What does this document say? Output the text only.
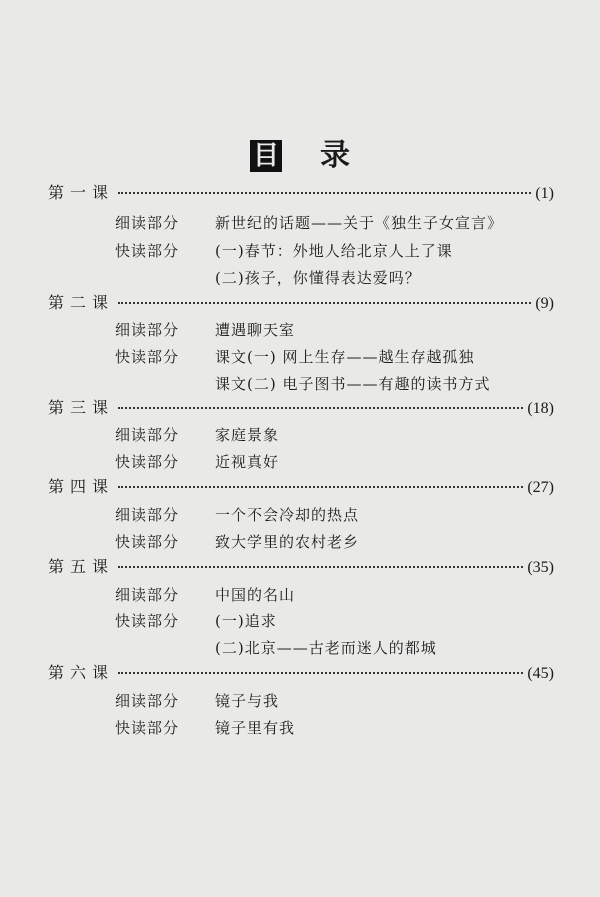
目 录
第一课	(1)
细读部分 新世纪的话题——关于《独生子女宣言》
快读部分 (一)春节：外地人给北京人上了课
(二)孩子，你懂得表达爱吗？
第二课	(9)
细读部分 遭遇聊天室
快读部分 课文(一) 网上生存——越生存越孤独
课文(二) 电子图书——有趣的读书方式
第三课	(18)
细读部分 家庭景象
快读部分 近视真好
第四课	(27)
细读部分 一个不会冷却的热点
快读部分 致大学里的农村老乡
第五课	(35)
细读部分 中国的名山
快读部分 (一)追求
(二)北京——古老而迷人的都城
第六课	(45)
细读部分 镜子与我
快读部分 镜子里有我
